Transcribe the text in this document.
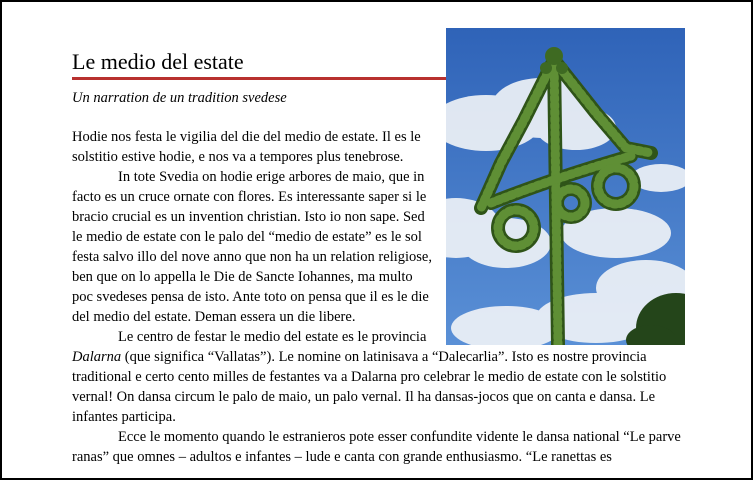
Le medio del estate

Un narration de un tradition svedese

Hodie nos festa le vigilia del die del medio de estate. Il es le solstitio estive hodie, e nos va a tempores plus tenebrose.

In tote Svedia on hodie erige arbores de maio, que in facto es un cruce ornate con flores. Es interessante saper si le bracio crucial es un invention christian. Isto io non sape. Sed le medio de estate con le palo del “medio de estate” es le sol festa salvo illo del nove anno que non ha un relation religiose, ben que on lo appella le Die de Sancte Iohannes, ma multo poc svedeses pensa de isto. Ante toto on pensa que il es le die del medio del estate. Deman essera un die libere.

Le centro de festar le medio del estate es le provincia Dalarna (que significa “Vallatas”). Le nomine on latinisava a “Dalecarlia”. Isto es nostre provincia traditional e certo cento milles de festantes va a Dalarna pro celebrar le medio de estate con le solstitio vernal! On dansa circum le palo de maio, un palo vernal. Il ha dansas-jocos que on canta e dansa. Le infantes participa.

Ecce le momento quando le estranieros pote esser confundite vidente le dansa national “Le parve ranas” que omnes – adultos e infantes – lude e canta con grande enthusiasmo. “Le ranettas es
